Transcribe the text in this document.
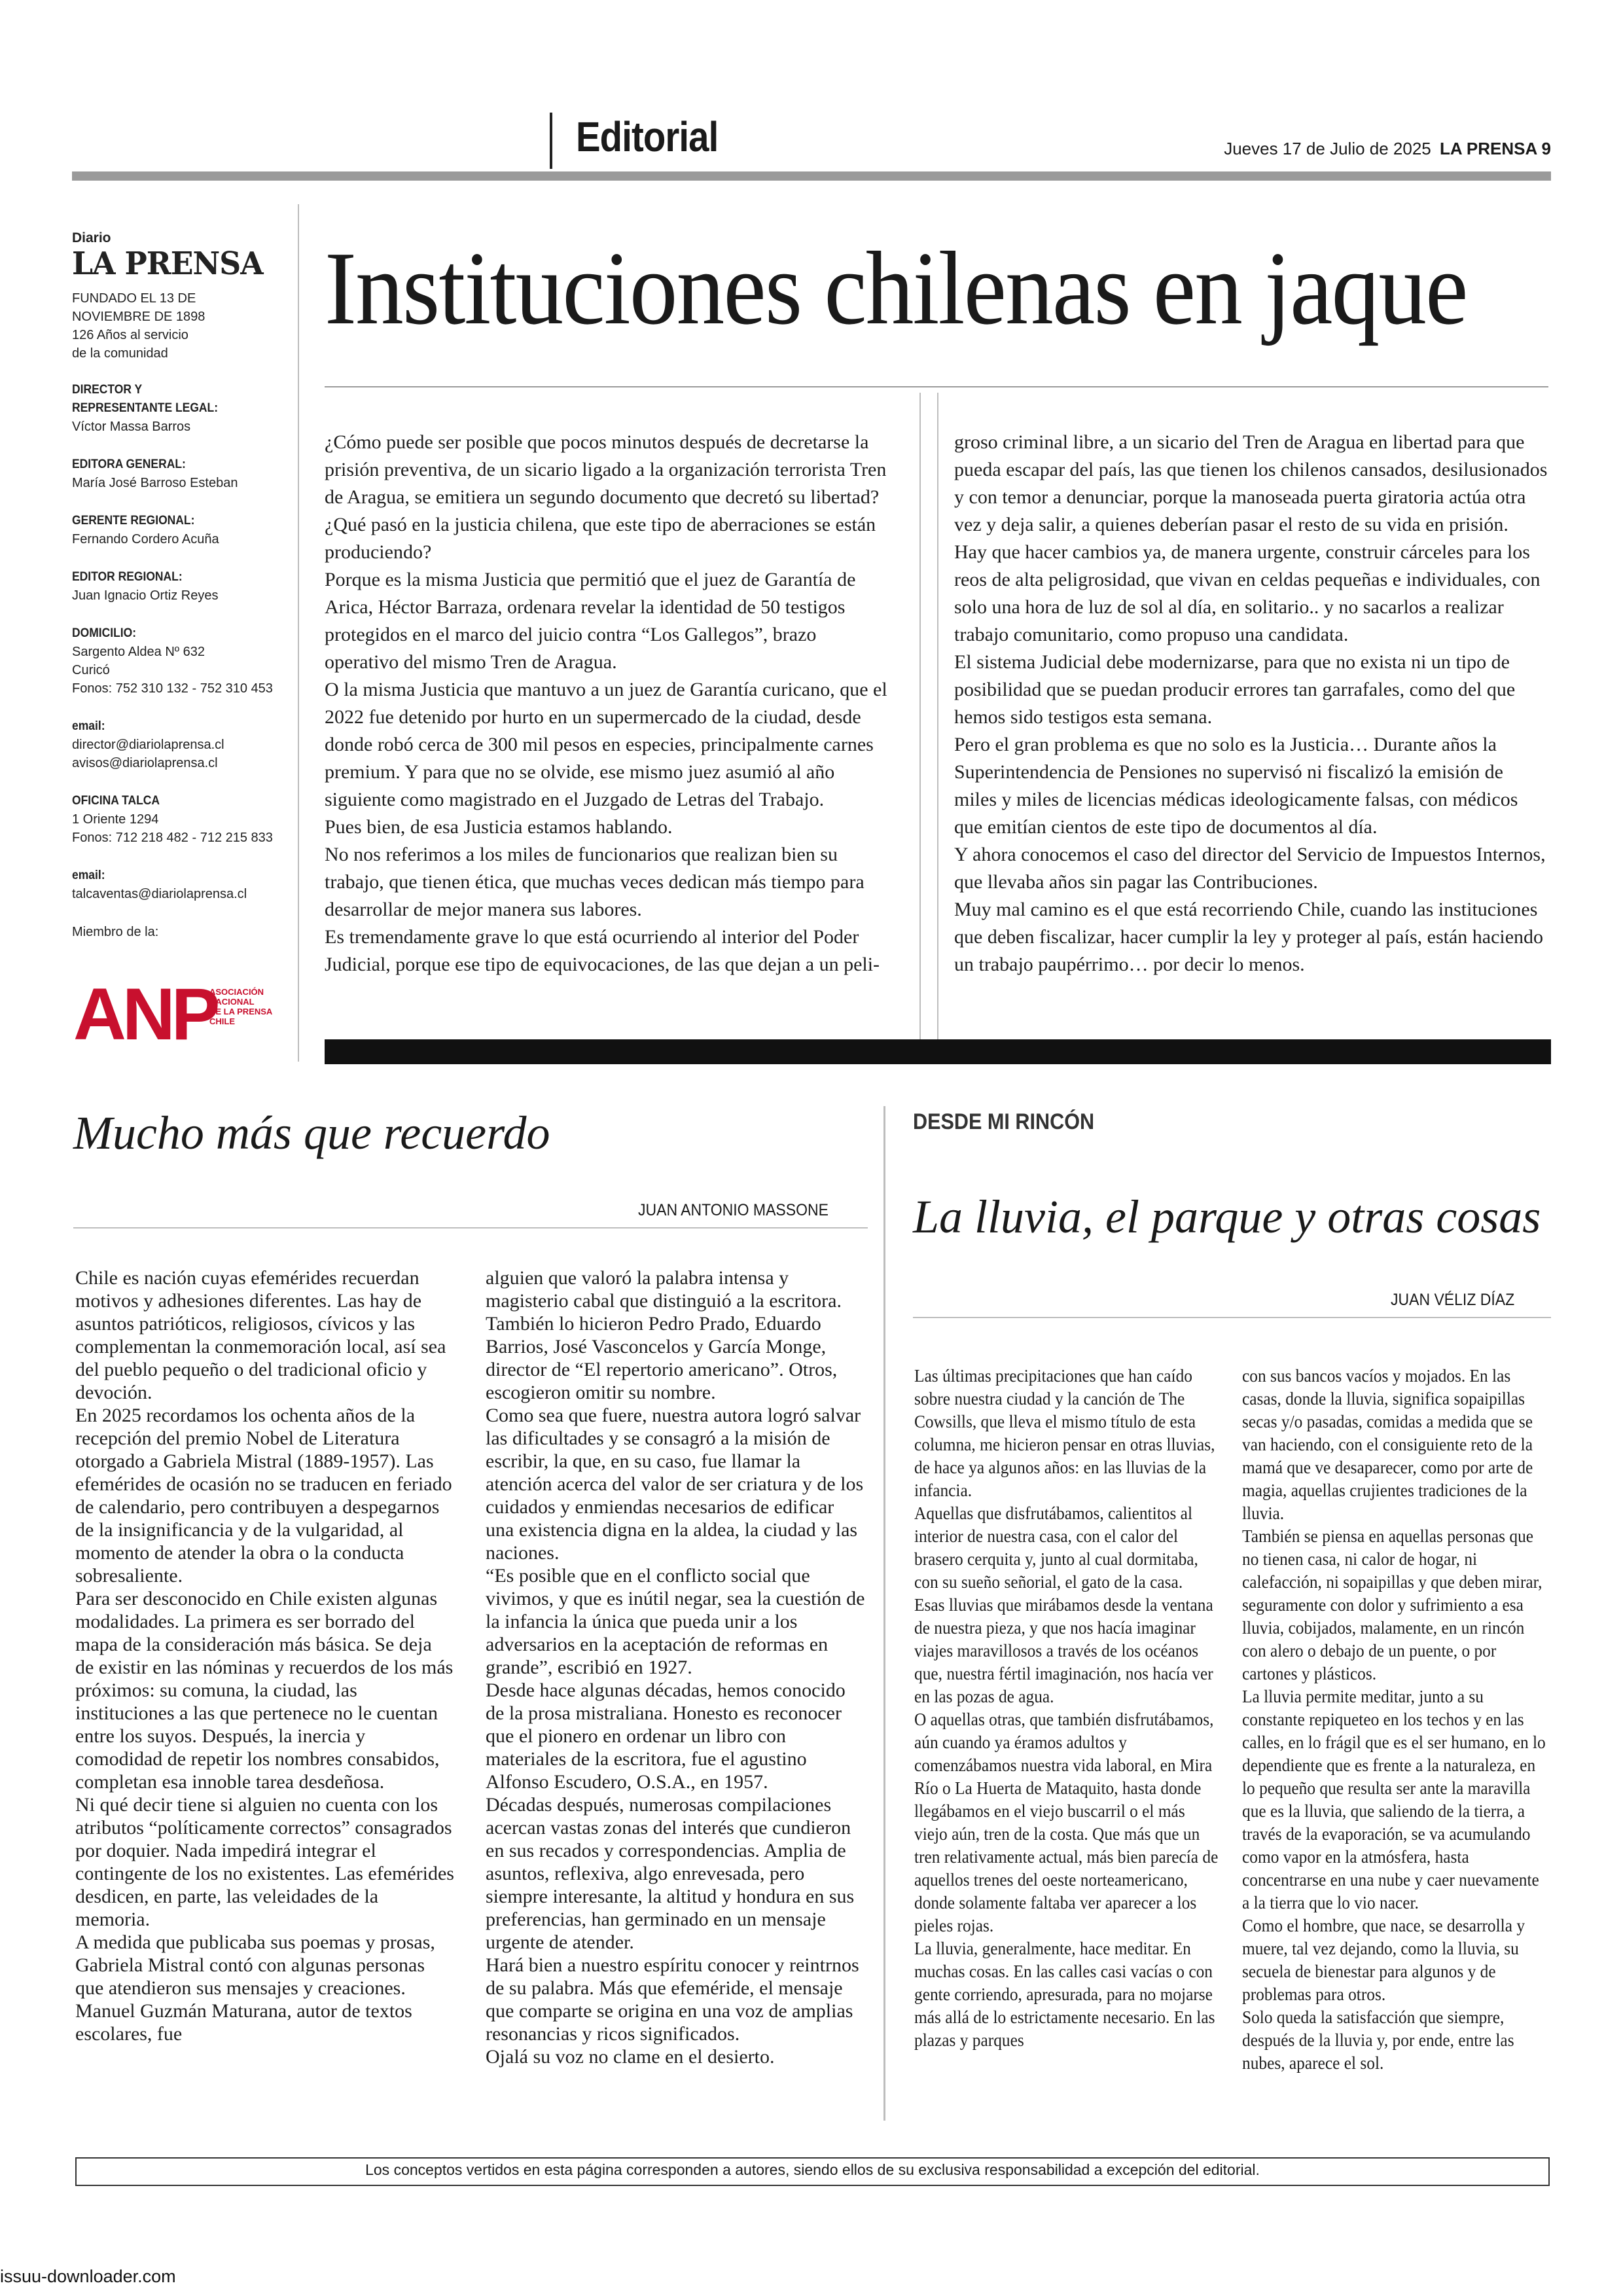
Editorial	Jueves 17 de Julio de 2025 LA PRENSA 9
Diario
LA PRENSA
FUNDADO EL 13 DE
NOVIEMBRE DE 1898
126 Años al servicio
de la comunidad
DIRECTOR Y
REPRESENTANTE LEGAL:
Víctor Massa Barros
EDITORA GENERAL:
María José Barroso Esteban
GERENTE REGIONAL:
Fernando Cordero Acuña
EDITOR REGIONAL:
Juan Ignacio Ortiz Reyes
DOMICILIO:
Sargento Aldea Nº 632
Curicó
Fonos: 752 310 132 - 752 310 453
email:
director@diariolaprensa.cl
avisos@diariolaprensa.cl
OFICINA TALCA
1 Oriente 1294
Fonos: 712 218 482 - 712 215 833
email:
talcaventas@diariolaprensa.cl
Miembro de la:
ANP
ASOCIACIÓN
NACIONAL
DE LA PRENSA
CHILE
Instituciones chilenas en jaque

¿Cómo puede ser posible que pocos minutos después de decretarse la prisión preventiva, de un sicario ligado a la organización terrorista Tren de Aragua, se emitiera un segundo documento que decretó su libertad?

¿Qué pasó en la justicia chilena, que este tipo de aberraciones se están produciendo?

Porque es la misma Justicia que permitió que el juez de Garantía de Arica, Héctor Barraza, ordenara revelar la identidad de 50 testigos protegidos en el marco del juicio contra “Los Gallegos”, brazo operativo del mismo Tren de Aragua.

O la misma Justicia que mantuvo a un juez de Garantía curicano, que el 2022 fue detenido por hurto en un supermercado de la ciudad, desde donde robó cerca de 300 mil pesos en especies, principalmente carnes premium. Y para que no se olvide, ese mismo juez asumió al año siguiente como magistrado en el Juzgado de Letras del Trabajo.

Pues bien, de esa Justicia estamos hablando.

No nos referimos a los miles de funcionarios que realizan bien su trabajo, que tienen ética, que muchas veces dedican más tiempo para desarrollar de mejor manera sus labores.

Es tremendamente grave lo que está ocurriendo al interior del Poder Judicial, porque ese tipo de equivocaciones, de las que dejan a un peli-

groso criminal libre, a un sicario del Tren de Aragua en libertad para que pueda escapar del país, las que tienen los chilenos cansados, desilusionados y con temor a denunciar, porque la manoseada puerta giratoria actúa otra vez y deja salir, a quienes deberían pasar el resto de su vida en prisión.

Hay que hacer cambios ya, de manera urgente, construir cárceles para los reos de alta peligrosidad, que vivan en celdas pequeñas e individuales, con solo una hora de luz de sol al día, en solitario.. y no sacarlos a realizar trabajo comunitario, como propuso una candidata.

El sistema Judicial debe modernizarse, para que no exista ni un tipo de posibilidad que se puedan producir errores tan garrafales, como del que hemos sido testigos esta semana.

Pero el gran problema es que no solo es la Justicia… Durante años la Superintendencia de Pensiones no supervisó ni fiscalizó la emisión de miles y miles de licencias médicas ideologicamente falsas, con médicos que emitían cientos de este tipo de documentos al día.

Y ahora conocemos el caso del director del Servicio de Impuestos Internos, que llevaba años sin pagar las Contribuciones.

Muy mal camino es el que está recorriendo Chile, cuando las instituciones que deben fiscalizar, hacer cumplir la ley y proteger al país, están haciendo un trabajo paupérrimo… por decir lo menos.

Mucho más que recuerdo
JUAN ANTONIO MASSONE

Chile es nación cuyas efemérides recuerdan motivos y adhesiones diferentes. Las hay de asuntos patrióticos, religiosos, cívicos y las complementan la conmemoración local, así sea del pueblo pequeño o del tradicional oficio y devoción.

En 2025 recordamos los ochenta años de la recepción del premio Nobel de Literatura otorgado a Gabriela Mistral (1889-1957). Las efemérides de ocasión no se traducen en feriado de calendario, pero contribuyen a despegarnos de la insignificancia y de la vulgaridad, al momento de atender la obra o la conducta sobresaliente.

Para ser desconocido en Chile existen algunas modalidades. La primera es ser borrado del mapa de la consideración más básica. Se deja de existir en las nóminas y recuerdos de los más próximos: su comuna, la ciudad, las instituciones a las que pertenece no le cuentan entre los suyos. Después, la inercia y comodidad de repetir los nombres consabidos, completan esa innoble tarea desdeñosa.

Ni qué decir tiene si alguien no cuenta con los atributos “políticamente correctos” consagrados por doquier. Nada impedirá integrar el contingente de los no existentes. Las efemérides desdicen, en parte, las veleidades de la memoria.

A medida que publicaba sus poemas y prosas, Gabriela Mistral contó con algunas personas que atendieron sus mensajes y creaciones. Manuel Guzmán Maturana, autor de textos escolares, fue

alguien que valoró la palabra intensa y magisterio cabal que distinguió a la escritora. También lo hicieron Pedro Prado, Eduardo Barrios, José Vasconcelos y García Monge, director de “El repertorio americano”. Otros, escogieron omitir su nombre.

Como sea que fuere, nuestra autora logró salvar las dificultades y se consagró a la misión de escribir, la que, en su caso, fue llamar la atención acerca del valor de ser criatura y de los cuidados y enmiendas necesarios de edificar una existencia digna en la aldea, la ciudad y las naciones.

“Es posible que en el conflicto social que vivimos, y que es inútil negar, sea la cuestión de la infancia la única que pueda unir a los adversarios en la aceptación de reformas en grande”, escribió en 1927.

Desde hace algunas décadas, hemos conocido de la prosa mistraliana. Honesto es reconocer que el pionero en ordenar un libro con materiales de la escritora, fue el agustino Alfonso Escudero, O.S.A., en 1957.

Décadas después, numerosas compilaciones acercan vastas zonas del interés que cundieron en sus recados y correspondencias. Amplia de asuntos, reflexiva, algo enrevesada, pero siempre interesante, la altitud y hondura en sus preferencias, han germinado en un mensaje urgente de atender.

Hará bien a nuestro espíritu conocer y reintrnos de su palabra. Más que efeméride, el mensaje que comparte se origina en una voz de amplias resonancias y ricos significados.

Ojalá su voz no clame en el desierto.

DESDE MI RINCÓN
La lluvia, el parque y otras cosas
JUAN VÉLIZ DÍAZ

Las últimas precipitaciones que han caído sobre nuestra ciudad y la canción de The Cowsills, que lleva el mismo título de esta columna, me hicieron pensar en otras lluvias, de hace ya algunos años: en las lluvias de la infancia.

Aquellas que disfrutábamos, calientitos al interior de nuestra casa, con el calor del brasero cerquita y, junto al cual dormitaba, con su sueño señorial, el gato de la casa.

Esas lluvias que mirábamos desde la ventana de nuestra pieza, y que nos hacía imaginar viajes maravillosos a través de los océanos que, nuestra fértil imaginación, nos hacía ver en las pozas de agua.

O aquellas otras, que también disfrutábamos, aún cuando ya éramos adultos y comenzábamos nuestra vida laboral, en Mira Río o La Huerta de Mataquito, hasta donde llegábamos en el viejo buscarril o el más viejo aún, tren de la costa. Que más que un tren relativamente actual, más bien parecía de aquellos trenes del oeste norteamericano, donde solamente faltaba ver aparecer a los pieles rojas.

La lluvia, generalmente, hace meditar. En muchas cosas. En las calles casi vacías o con gente corriendo, apresurada, para no mojarse más allá de lo estrictamente necesario. En las plazas y parques

con sus bancos vacíos y mojados. En las casas, donde la lluvia, significa sopaipillas secas y/o pasadas, comidas a medida que se van haciendo, con el consiguiente reto de la mamá que ve desaparecer, como por arte de magia, aquellas crujientes tradiciones de la lluvia.

También se piensa en aquellas personas que no tienen casa, ni calor de hogar, ni calefacción, ni sopaipillas y que deben mirar, seguramente con dolor y sufrimiento a esa lluvia, cobijados, malamente, en un rincón con alero o debajo de un puente, o por cartones y plásticos.

La lluvia permite meditar, junto a su constante repiqueteo en los techos y en las calles, en lo frágil que es el ser humano, en lo dependiente que es frente a la naturaleza, en lo pequeño que resulta ser ante la maravilla que es la lluvia, que saliendo de la tierra, a través de la evaporación, se va acumulando como vapor en la atmósfera, hasta concentrarse en una nube y caer nuevamente a la tierra que lo vio nacer.

Como el hombre, que nace, se desarrolla y muere, tal vez dejando, como la lluvia, su secuela de bienestar para algunos y de problemas para otros.

Solo queda la satisfacción que siempre, después de la lluvia y, por ende, entre las nubes, aparece el sol.

Los conceptos vertidos en esta página corresponden a autores, siendo ellos de su exclusiva responsabilidad a excepción del editorial.
issuu-downloader.com
